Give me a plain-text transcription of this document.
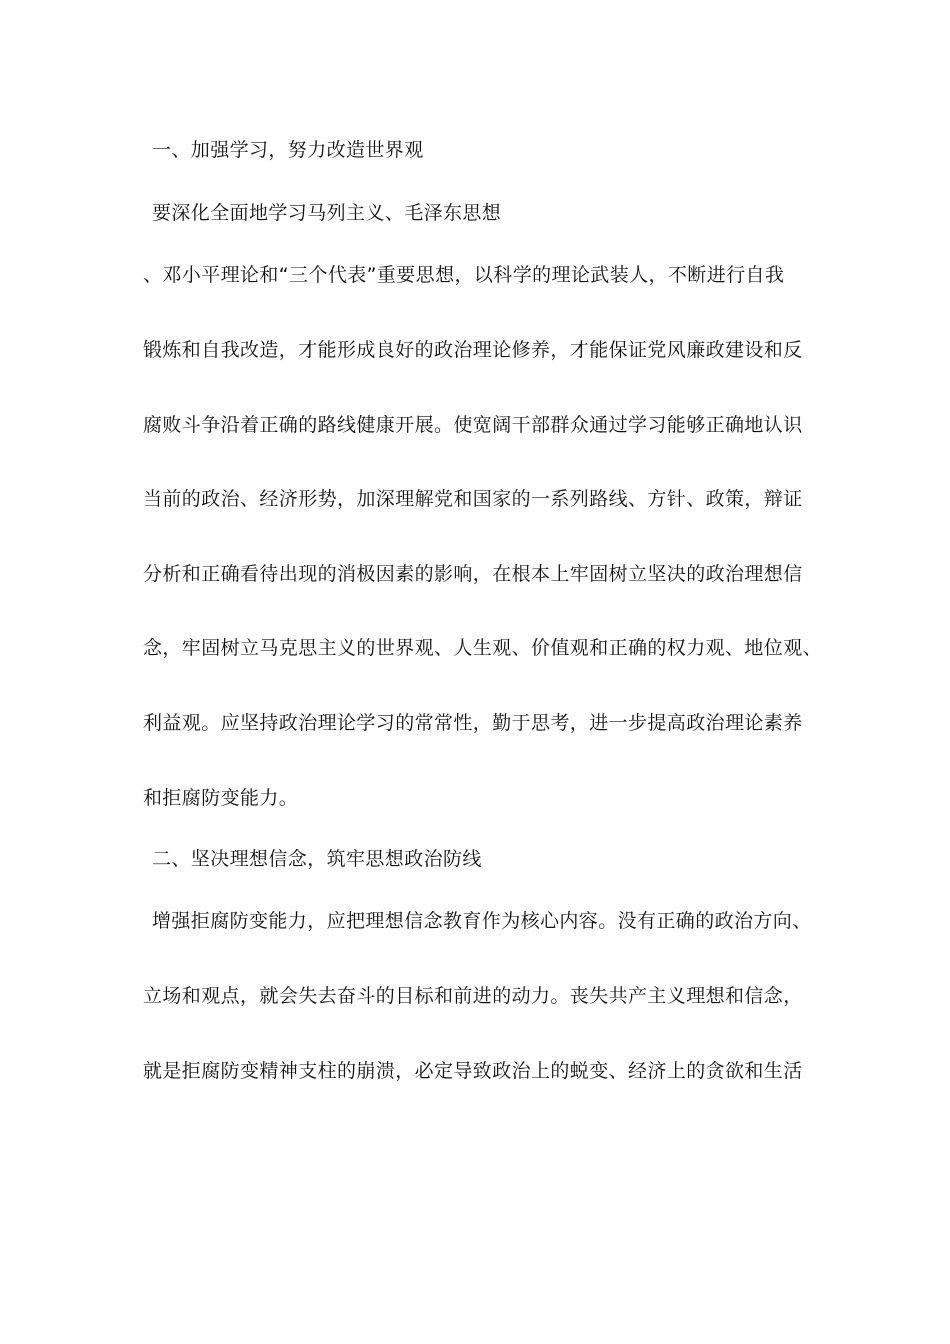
一、加强学习，努力改造世界观
要深化全面地学习马列主义、毛泽东思想
、邓小平理论和“三个代表”重要思想，以科学的理论武装人，不断进行自我
锻炼和自我改造，才能形成良好的政治理论修养，才能保证党风廉政建设和反
腐败斗争沿着正确的路线健康开展。使宽阔干部群众通过学习能够正确地认识
当前的政治、经济形势，加深理解党和国家的一系列路线、方针、政策，辩证
分析和正确看待出现的消极因素的影响，在根本上牢固树立坚决的政治理想信
念，牢固树立马克思主义的世界观、人生观、价值观和正确的权力观、地位观、
利益观。应坚持政治理论学习的常常性，勤于思考，进一步提高政治理论素养
和拒腐防变能力。
二、坚决理想信念，筑牢思想政治防线
增强拒腐防变能力，应把理想信念教育作为核心内容。没有正确的政治方向、
立场和观点，就会失去奋斗的目标和前进的动力。丧失共产主义理想和信念，
就是拒腐防变精神支柱的崩溃，必定导致政治上的蜕变、经济上的贪欲和生活
